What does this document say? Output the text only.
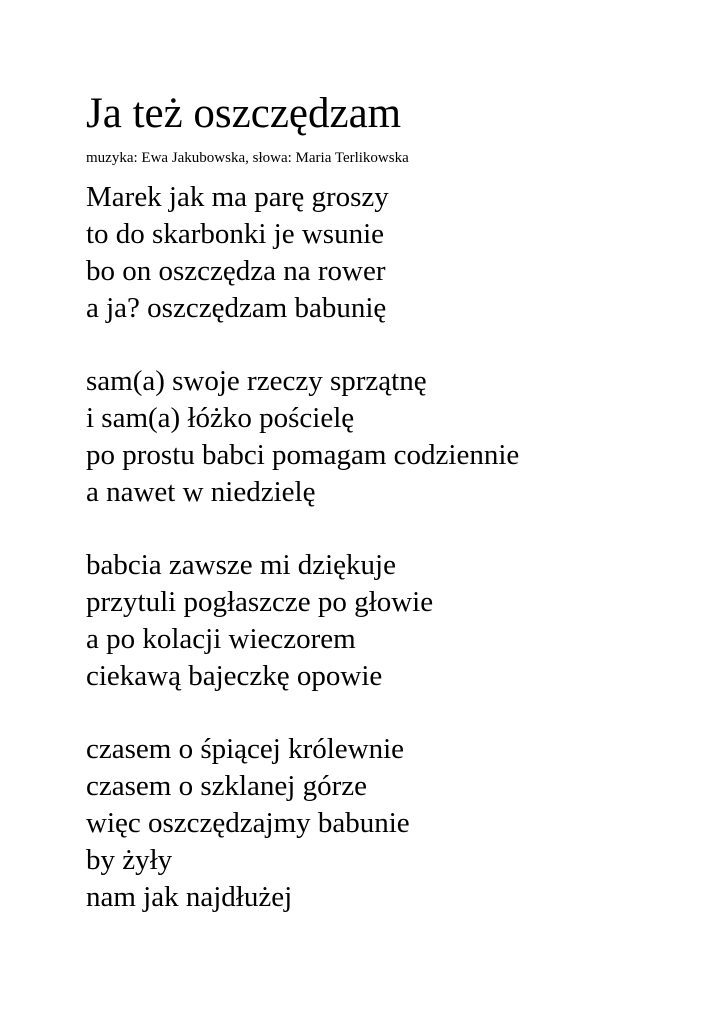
Ja też oszczędzam
muzyka: Ewa Jakubowska, słowa: Maria Terlikowska
Marek jak ma parę groszy
to do skarbonki je wsunie
bo on oszczędza na rower
a ja? oszczędzam babunię
sam(a) swoje rzeczy sprzątnę
i sam(a) łóżko pościelę
po prostu babci pomagam codziennie
a nawet w niedzielę
babcia zawsze mi dziękuje
przytuli pogłaszcze po głowie
a po kolacji wieczorem
ciekawą bajeczkę opowie
czasem o śpiącej królewnie
czasem o szklanej górze
więc oszczędzajmy babunie
by żyły
nam jak najdłużej
